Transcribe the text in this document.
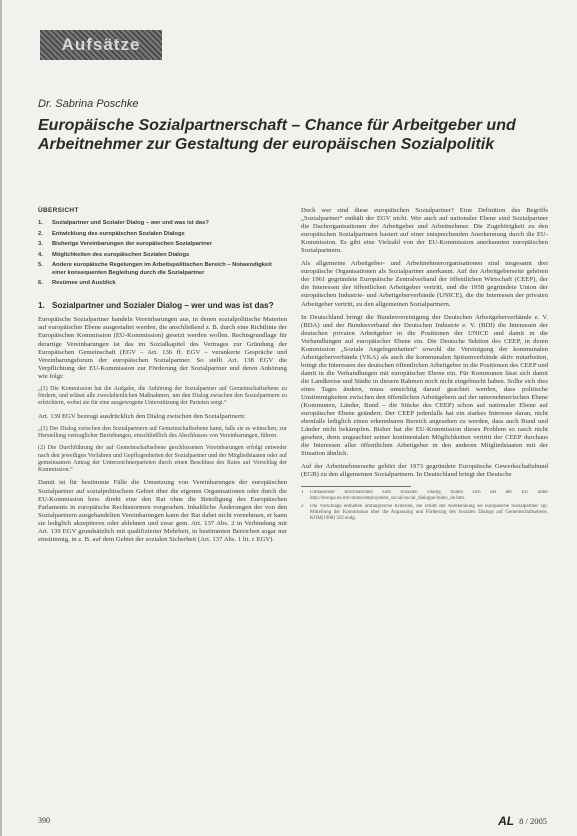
Aufsätze
Dr. Sabrina Poschke
Europäische Sozialpartnerschaft – Chance für Arbeitgeber und Arbeitnehmer zur Gestaltung der europäischen Sozialpolitik
ÜBERSICHT
1.	Sozialpartner und Sozialer Dialog – wer und was ist das?
2.	Entwicklung des europäischen Sozialen Dialogs
3.	Bisherige Vereinbarungen der europäischen Sozialpartner
4.	Möglichkeiten des europäischen Sozialen Dialogs
5.	Andere europäische Regelungen im Arbeitspolitischen Bereich – Notwendigkeit einer konsequenten Begleitung durch die Sozialpartner
6.	Resümee und Ausblick
1. Sozialpartner und Sozialer Dialog – wer und was ist das?

Europäische Sozialpartner handeln Vereinbarungen aus, in denen sozialpolitische Materien auf europäischer Ebene ausgestaltet werden, die anschließend z. B. durch eine Richtlinie der Europäischen Kommission (EU-Kommission) gesetzt werden wollen. Rechtsgrundlage für derartige Vereinbarungen ist das im Sozialkapitel des Vertrages zur Gründung der Europäischen Gemeinschaft (EGV – Art. 136 ff. EGV – verankerte Gespräche und Vereinbarungsforum der europäischen Sozialpartner. So stellt Art. 138 EGV die Verpflichtung der EU-Kommission zur Förderung der Sozialpartner und deren Anhörung wie folgt:

„(1) Die Kommission hat die Aufgabe, die Anhörung der Sozialpartner auf Gemeinschaftsebene zu fördern, und erlässt alle zweckdienlichen Maßnahmen, um den Dialog zwischen den Sozialpartnern zu erleichtern, wobei sie für eine ausgewogene Unterstützung der Parteien sorgt.“

Art. 139 EGV bezeugt ausdrücklich den Dialog zwischen den Sozialpartnern:

„(1) Der Dialog zwischen den Sozialpartnern auf Gemeinschaftsebene kann, falls sie es wünschen, zur Herstellung vertraglicher Beziehungen, einschließlich des Abschlusses von Vereinbarungen, führen.

(2) Die Durchführung der auf Gemeinschaftsebene geschlossenen Vereinbarungen erfolgt entweder nach den jeweiligen Verfahren und Gepflogenheiten der Sozialpartner und der Mitgliedstaaten oder auf gemeinsamen Antrag der Unterzeichnerparteien durch einen Beschluss des Rates auf Vorschlag der Kommission.“

Damit ist für bestimmte Fälle die Umsetzung von Vereinbarungen der europäischen Sozialpartner auf sozialpolitischem Gebiet über die eigenen Organisationen oder durch die EU-Kommission bzw. direkt eine den Rat ohne die Beteiligung des Europäischen Parlaments in europäische Rechtsnormen vorgesehen. Inhaltliche Änderungen der von den Sozialpartnern ausgehandelten Vereinbarungen kann der Rat dabei nicht vornehmen, er kann sie lediglich akzeptieren oder ablehnen und zwar gem. Art. 137 Abs. 2 in Verbindung mit Art. 139 EGV grundsätzlich mit qualifizierter Mehrheit, in bestimmten Bereichen sogar nur einstimmig, in z. B. auf dem Gebiet der sozialen Sicherheit (Art. 137 Abs. 1 lit. c EGV).

Doch wer sind diese europäischen Sozialpartner? Eine Definition des Begriffs „Sozialpartner“ enthält der EGV nicht. Wer auch auf nationaler Ebene sind Sozialpartner die Dachorganisationen der Arbeitgeber und Arbeitnehmer. Die Zugehörigkeit zu den europäischen Sozialpartnern basiert auf einer entsprechenden Anerkennung durch die EU-Kommission. Es gibt eine Vielzahl von der EU-Kommission anerkannten europäischen Sozialpartnern.

Als allgemeine Arbeitgeber- und Arbeitnehmerorganisationen sind insgesamt drei europäische Organisationen als Sozialpartner anerkannt. Auf der Arbeitgeberseite gehören der 1961 gegründete Europäische Zentralverband der öffentlichen Wirtschaft (CEEP), der die Interessen der öffentlichen Arbeitgeber vertritt, und die 1958 gegründete Union der europäischen Industrie- und Arbeitgeberverbände (UNICE), die die Interessen der privaten Arbeitgeber vertritt, zu den allgemeinen Sozialpartnern.

In Deutschland bringt die Bundesvereinigung der Deutschen Arbeitgeberverbände e. V. (BDA) und der Bundesverband der Deutschen Industrie e. V. (BDI) die Interessen der deutschen privaten Arbeitgeber in die Positionen der UNICE und damit in die Verhandlungen auf europäischer Ebene ein. Die Deutsche Sektion des CEEP, in deren Kommission „Soziale Angelegenheiten“ sowohl die Vereinigung der kommunalen Arbeitgeberverbände (VKA) als auch die kommunalen Spitzenverbände aktiv mitarbeiten, bringt die Interessen der deutschen öffentlichen Arbeitgeber in die Positionen des CEEP und damit in die Verhandlungen mit europäischer Ebene ein. Für Kommunen lässt sich damit die Landkreise und Städte in diesem Rahmen noch nicht eingebracht haben. Sollte sich dies eines Tages ändern, muss umsichtig darauf geachtet werden, dass politische Unstimmigkeiten zwischen den öffentlichen Arbeitgebern auf der unternehmerischen Ebene (Kommunen, Länder, Bund – die Stücke des CEEP) schon auf nationaler Ebene auf europäischer Ebene geändert. Der CEEP jedenfalls hat ein starkes Interesse daran, nicht ebenfalls lediglich einen erkennbaren Bereich angesehen zu werden, dass auch Bund und Länder nicht bekämpfen. Bisher hat die EU-Kommission dieses Problem so rasch nicht gesehen, denn ungeachtet seiner kontinentalen Möglichkeiten vertritt der CEEP durchaus die Interessen aller öffentlichen Arbeitgeber in den anderen Mitgliedstaaten mit der Situation ähnlich.

Auf der Arbeitnehmerseite gehört der 1973 gegründete Europäische Gewerkschaftsbund (EGB) zu den allgemeinen Sozialpartnern. In Deutschland bringt der Deutsche

1	Umfassende Informationen zum Sozialen Dialog finden sich bei der EU unter http://europa.eu.int/comm/employment_social/social_dialogue/index_de.htm.
2	Die Vorschläge enthalten umfangreiche Kriterien, die erfüllt der Anerkennung als europäische Sozialpartner vgl. Mitteilung der Kommission über die Anpassung und Förderung des Sozialen Dialogs auf Gemeinschaftsebene, KOM(1998) 322 endg.
390	AL 8 / 2005
